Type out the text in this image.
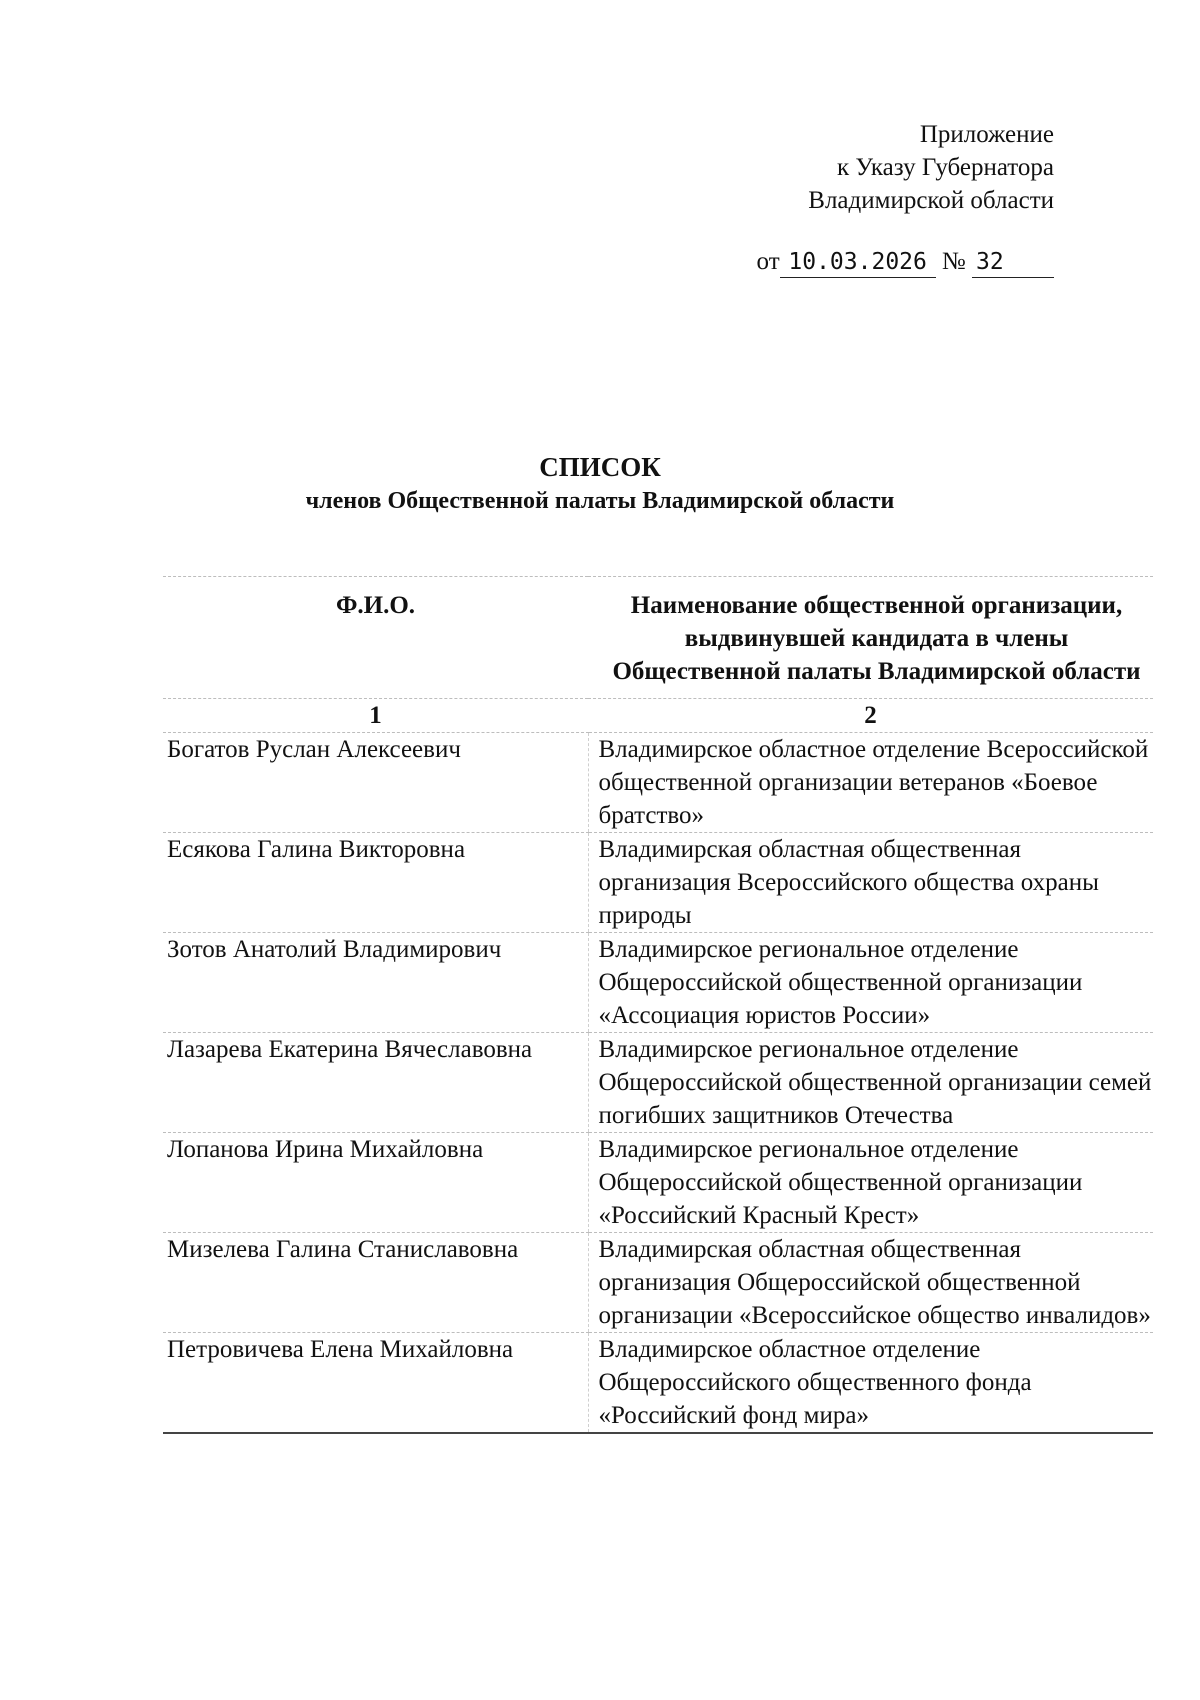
Приложение
к Указу Губернатора
Владимирской области
от 10.03.2026 № 32
СПИСОК
членов Общественной палаты Владимирской области
Ф.И.О.	Наименование общественной организации, выдвинувшей кандидата в члены Общественной палаты Владимирской области
1	2
Богатов Руслан Алексеевич	Владимирское областное отделение Всероссийской общественной организации ветеранов «Боевое братство»
Есякова Галина Викторовна	Владимирская областная общественная организация Всероссийского общества охраны природы
Зотов Анатолий Владимирович	Владимирское региональное отделение Общероссийской общественной организации «Ассоциация юристов России»
Лазарева Екатерина Вячеславовна	Владимирское региональное отделение Общероссийской общественной организации семей погибших защитников Отечества
Лопанова Ирина Михайловна	Владимирское региональное отделение Общероссийской общественной организации «Российский Красный Крест»
Мизелева Галина Станиславовна	Владимирская областная общественная организация Общероссийской общественной организации «Всероссийское общество инвалидов»
Петровичева Елена Михайловна	Владимирское областное отделение Общероссийского общественного фонда «Российский фонд мира»
